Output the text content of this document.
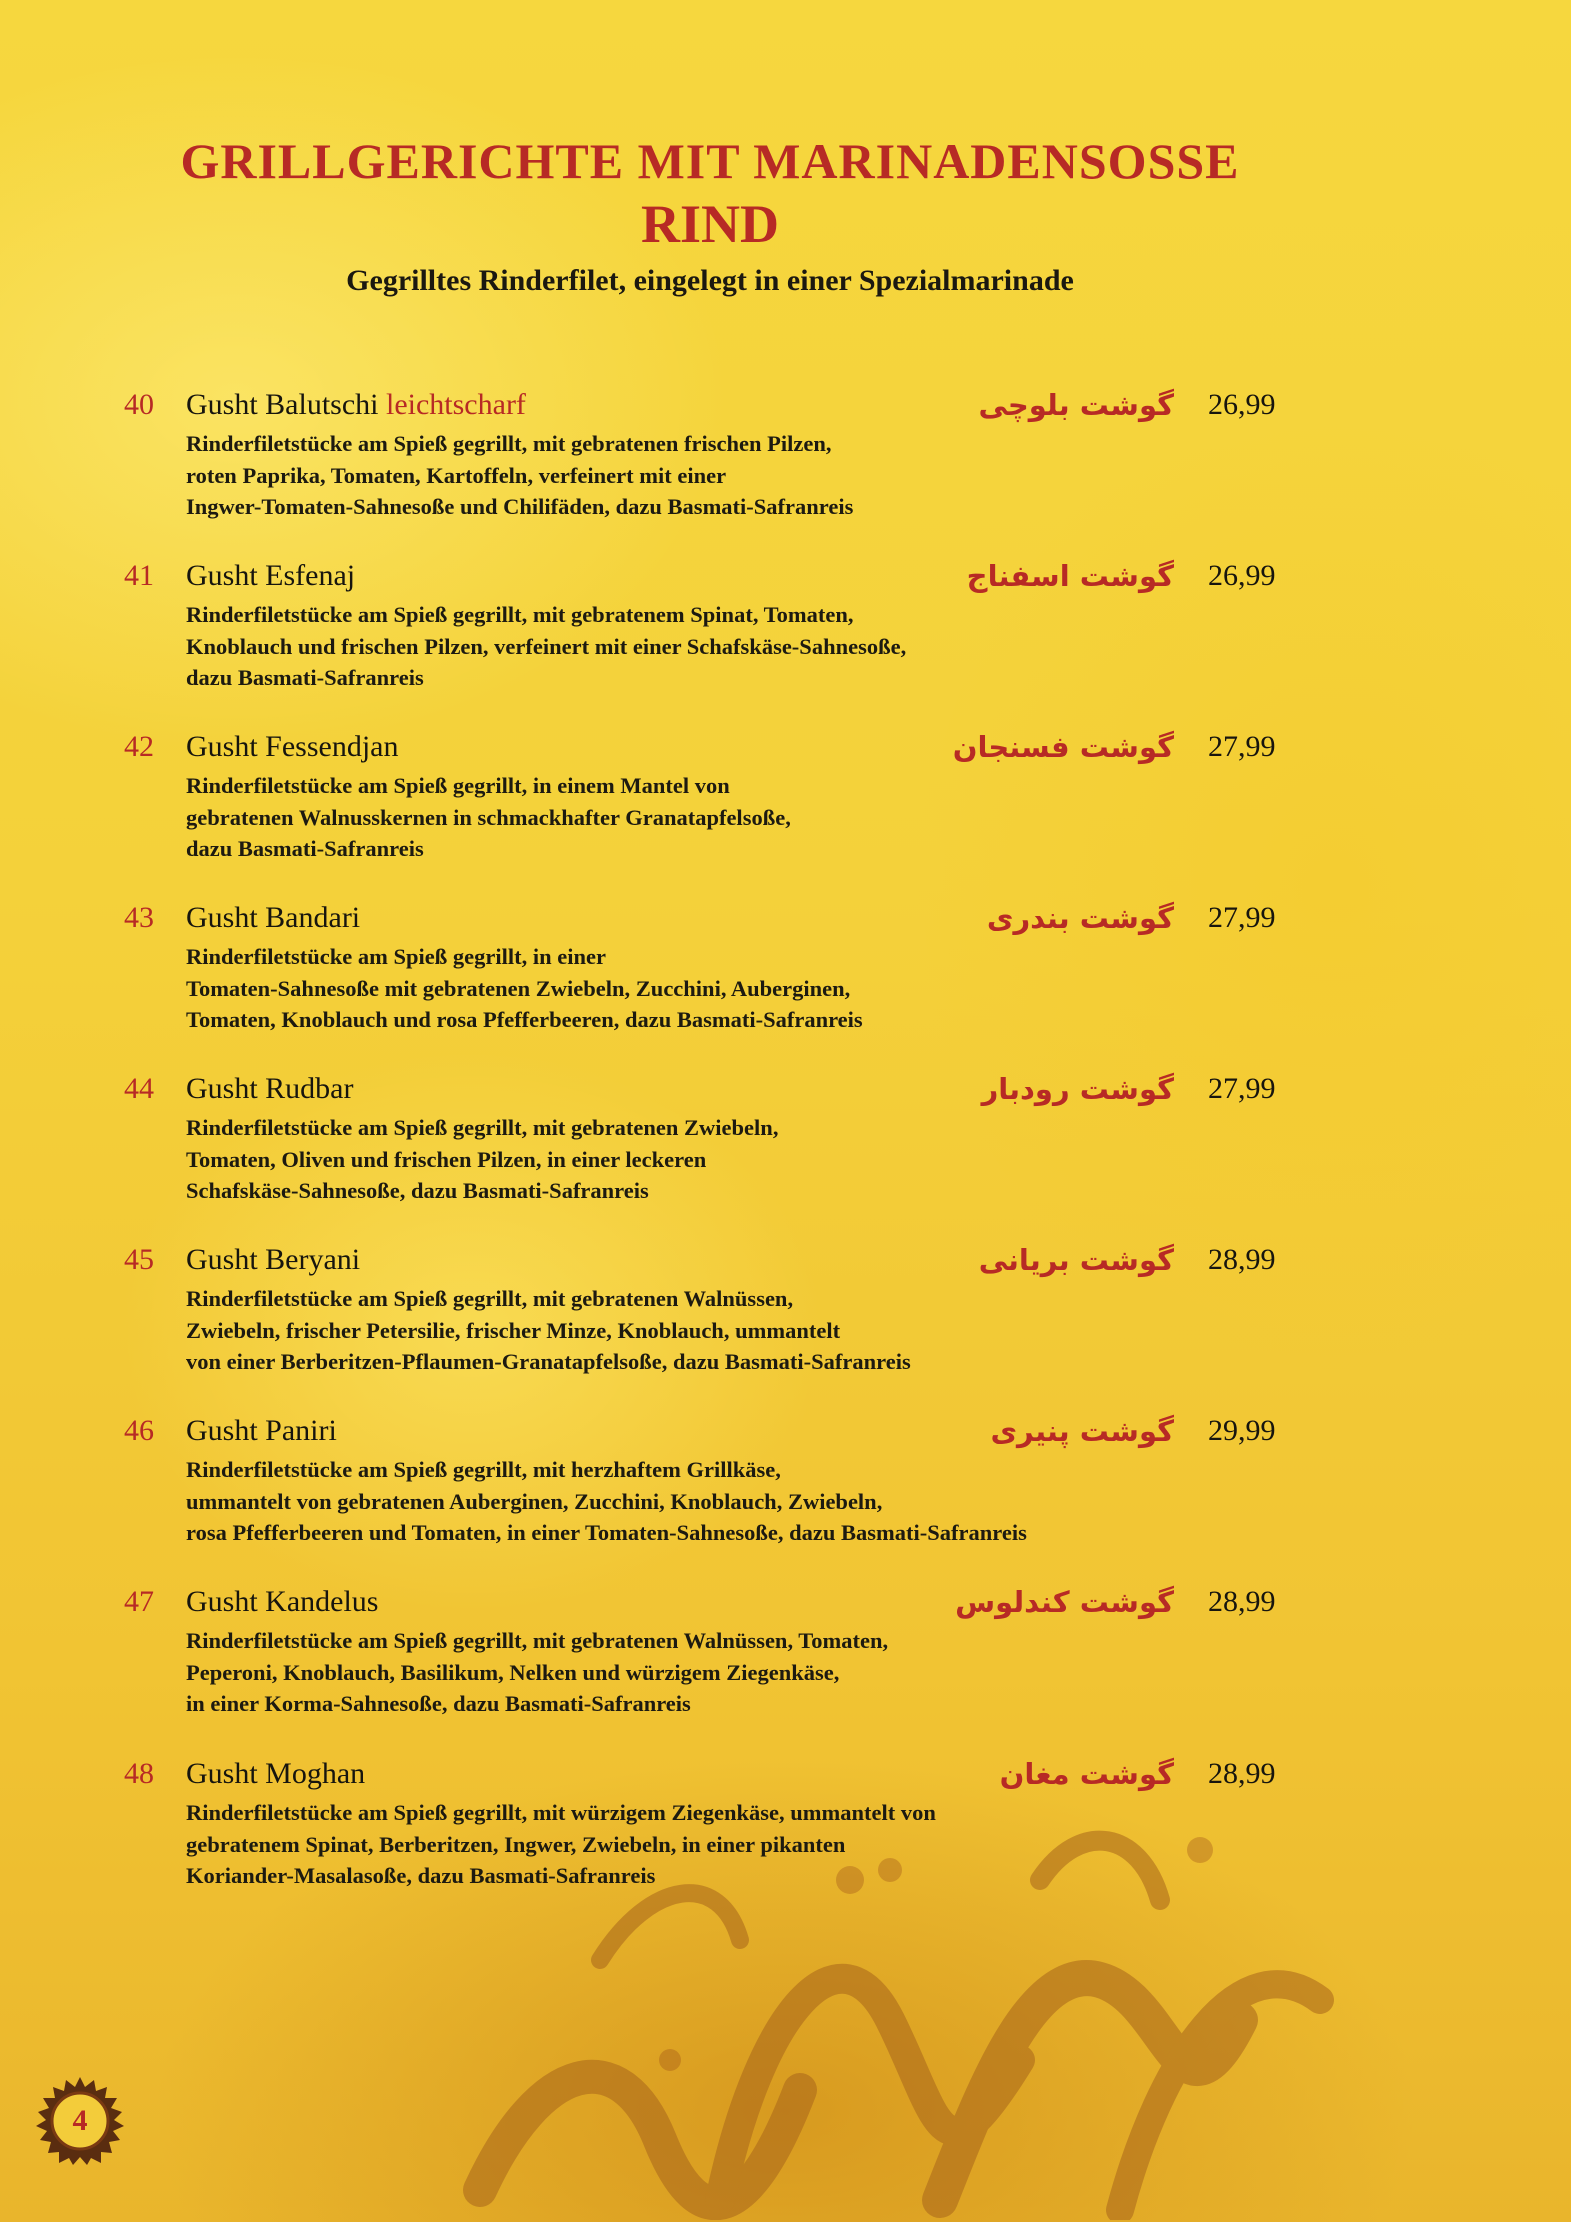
GRILLGERICHTE MIT MARINADENSOSSE
RIND
Gegrilltes Rinderfilet, eingelegt in einer Spezialmarinade
40 Gusht Balutschi leichtscharf	گوشت بلوچی 26,99
Rinderfiletstücke am Spieß gegrillt, mit gebratenen frischen Pilzen,
roten Paprika, Tomaten, Kartoffeln, verfeinert mit einer
Ingwer-Tomaten-Sahnesoße und Chilifäden, dazu Basmati-Safranreis
41 Gusht Esfenaj	گوشت اسفناج 26,99
Rinderfiletstücke am Spieß gegrillt, mit gebratenem Spinat, Tomaten,
Knoblauch und frischen Pilzen, verfeinert mit einer Schafskäse-Sahnesoße,
dazu Basmati-Safranreis
42 Gusht Fessendjan	گوشت فسنجان 27,99
Rinderfiletstücke am Spieß gegrillt, in einem Mantel von
gebratenen Walnusskernen in schmackhafter Granatapfelsoße,
dazu Basmati-Safranreis
43 Gusht Bandari	گوشت بندری 27,99
Rinderfiletstücke am Spieß gegrillt, in einer
Tomaten-Sahnesoße mit gebratenen Zwiebeln, Zucchini, Auberginen,
Tomaten, Knoblauch und rosa Pfefferbeeren, dazu Basmati-Safranreis
44 Gusht Rudbar	گوشت رودبار 27,99
Rinderfiletstücke am Spieß gegrillt, mit gebratenen Zwiebeln,
Tomaten, Oliven und frischen Pilzen, in einer leckeren
Schafskäse-Sahnesoße, dazu Basmati-Safranreis
45 Gusht Beryani	گوشت بریانی 28,99
Rinderfiletstücke am Spieß gegrillt, mit gebratenen Walnüssen,
Zwiebeln, frischer Petersilie, frischer Minze, Knoblauch, ummantelt
von einer Berberitzen-Pflaumen-Granatapfelsoße, dazu Basmati-Safranreis
46 Gusht Paniri	گوشت پنیری 29,99
Rinderfiletstücke am Spieß gegrillt, mit herzhaftem Grillkäse,
ummantelt von gebratenen Auberginen, Zucchini, Knoblauch, Zwiebeln,
rosa Pfefferbeeren und Tomaten, in einer Tomaten-Sahnesoße, dazu Basmati-Safranreis
47 Gusht Kandelus	گوشت کندلوس 28,99
Rinderfiletstücke am Spieß gegrillt, mit gebratenen Walnüssen, Tomaten,
Peperoni, Knoblauch, Basilikum, Nelken und würzigem Ziegenkäse,
in einer Korma-Sahnesoße, dazu Basmati-Safranreis
48 Gusht Moghan	گوشت مغان 28,99
Rinderfiletstücke am Spieß gegrillt, mit würzigem Ziegenkäse, ummantelt von
gebratenem Spinat, Berberitzen, Ingwer, Zwiebeln, in einer pikanten
Koriander-Masalasoße, dazu Basmati-Safranreis
4
